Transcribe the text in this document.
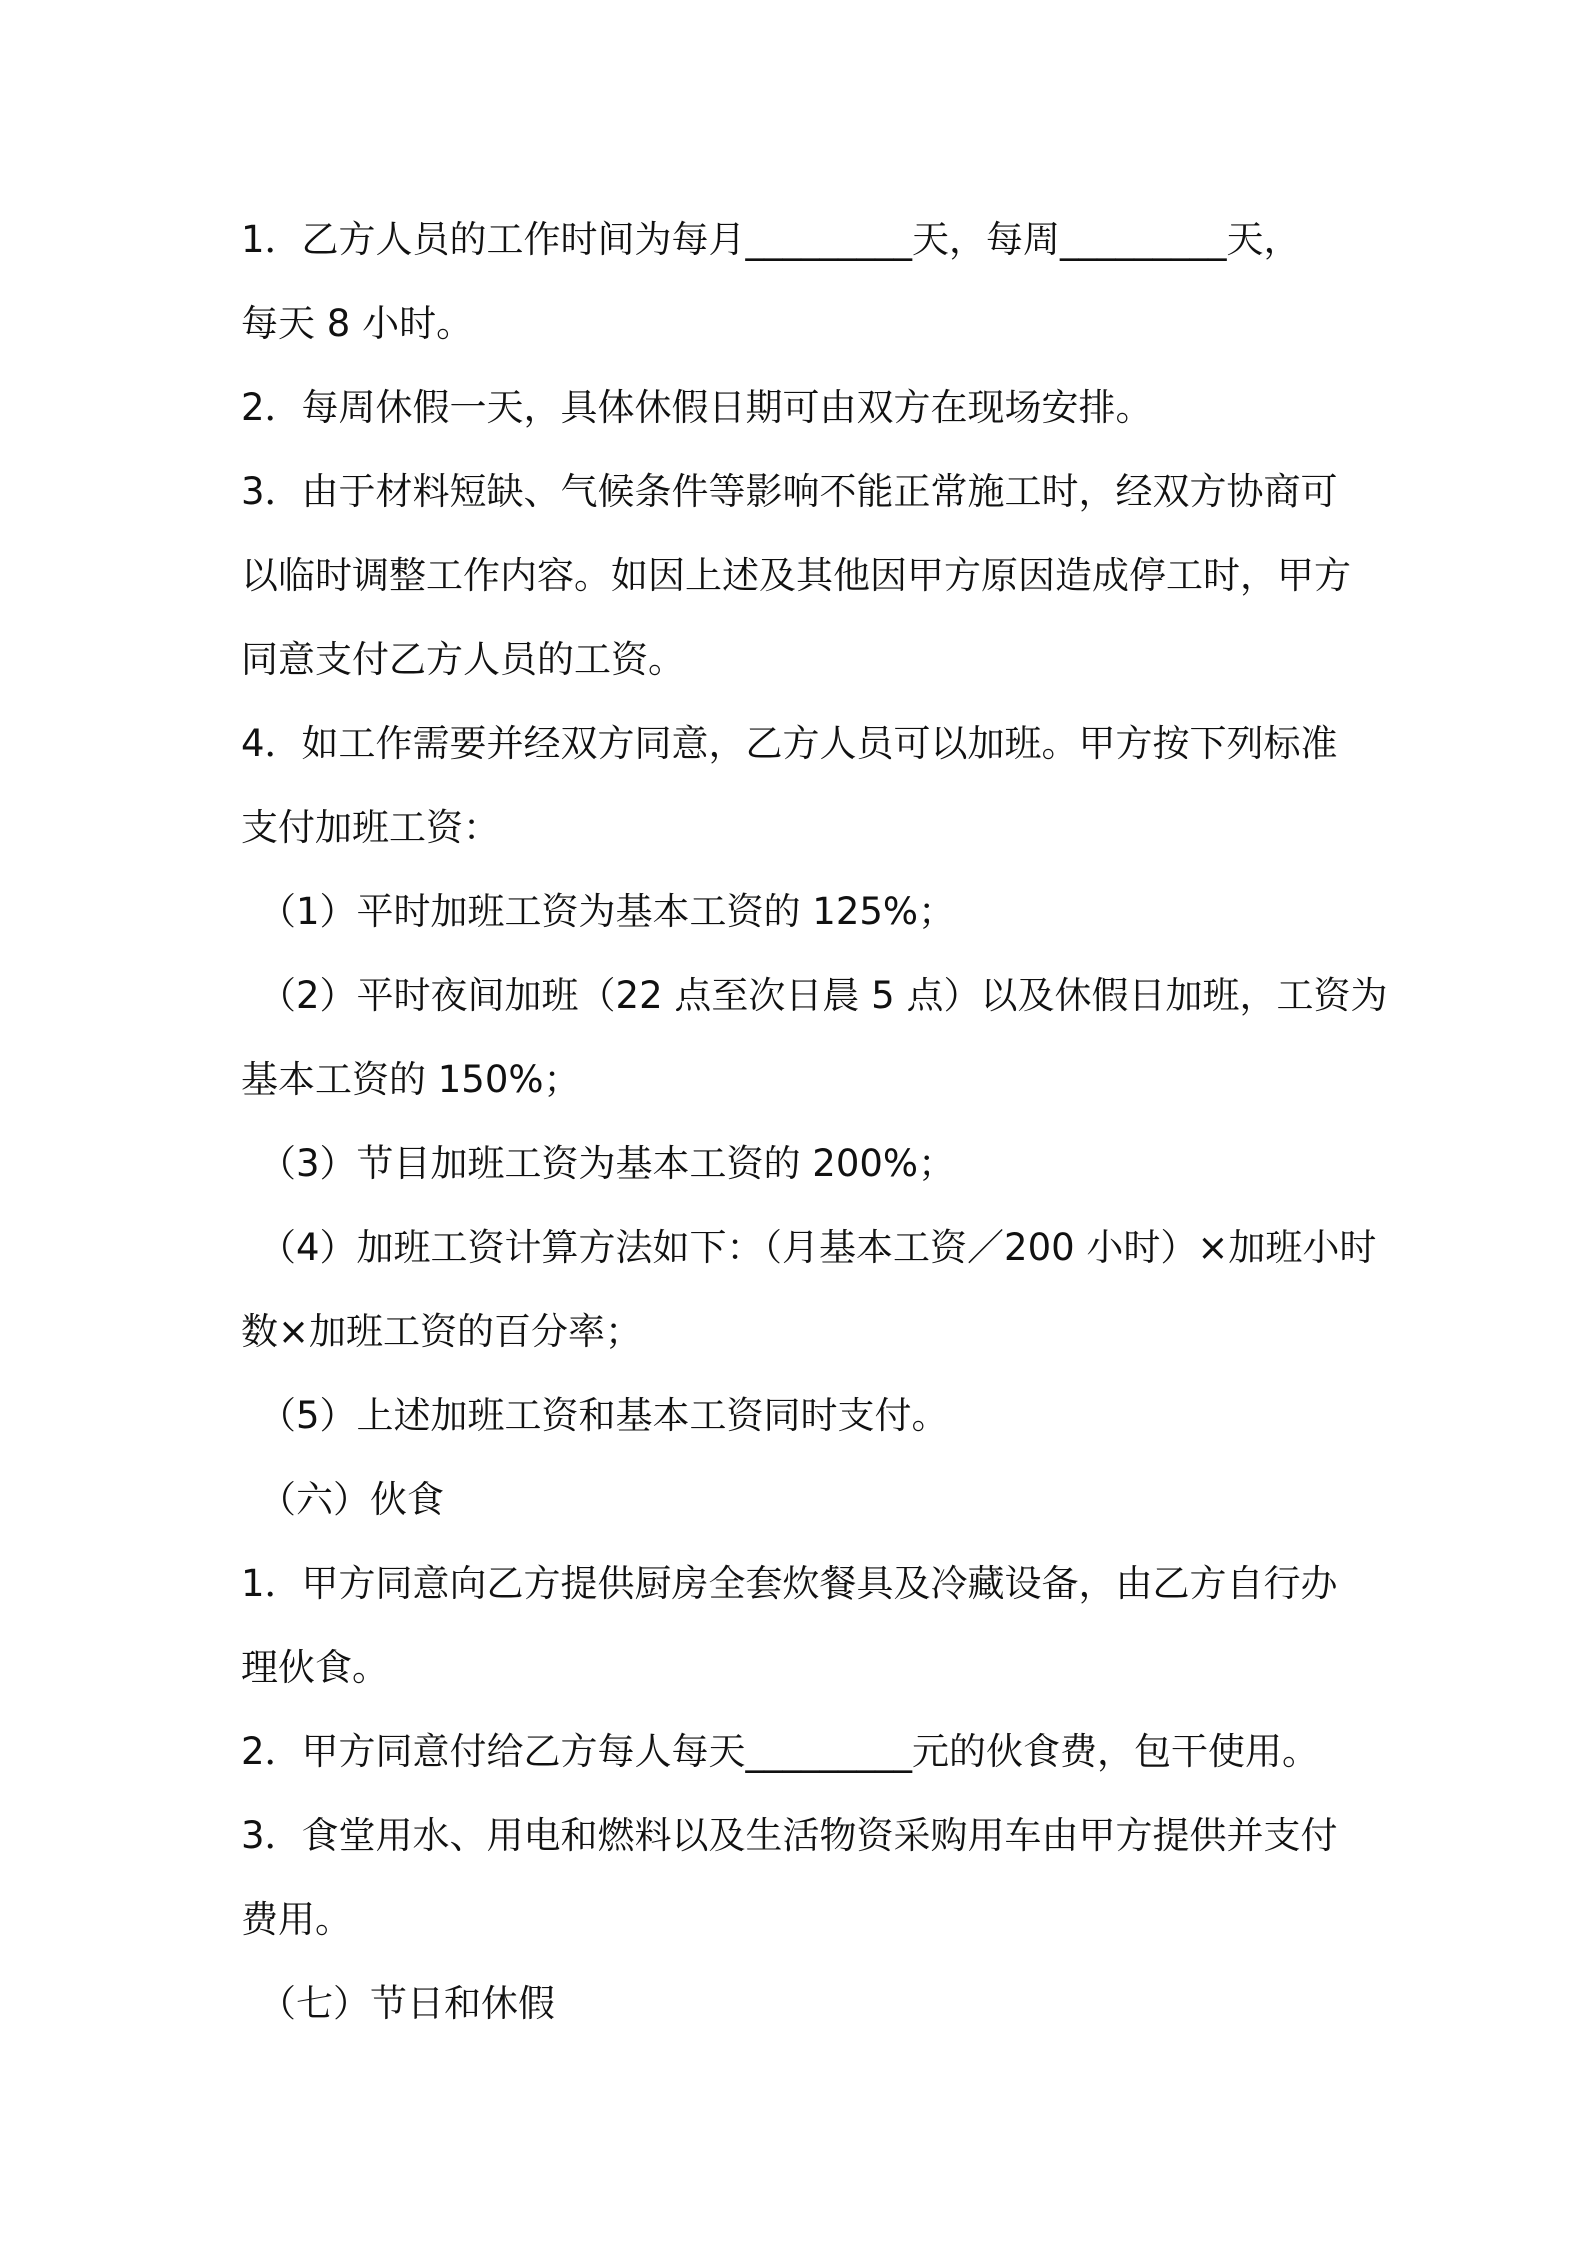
1．乙方人员的工作时间为每月_________天，每周_________天，

每天 8 小时。

2．每周休假一天，具体休假日期可由双方在现场安排。

3．由于材料短缺、气候条件等影响不能正常施工时，经双方协商可

以临时调整工作内容。如因上述及其他因甲方原因造成停工时，甲方

同意支付乙方人员的工资。

4．如工作需要并经双方同意，乙方人员可以加班。甲方按下列标准

支付加班工资：

（1）平时加班工资为基本工资的 125%；

（2）平时夜间加班（22 点至次日晨 5 点）以及休假日加班，工资为

基本工资的 150%；

（3）节目加班工资为基本工资的 200%；

（4）加班工资计算方法如下：（月基本工资／200 小时）×加班小时

数×加班工资的百分率；

（5）上述加班工资和基本工资同时支付。

（六）伙食

1．甲方同意向乙方提供厨房全套炊餐具及冷藏设备，由乙方自行办

理伙食。

2．甲方同意付给乙方每人每天_________元的伙食费，包干使用。

3．食堂用水、用电和燃料以及生活物资采购用车由甲方提供并支付

费用。

（七）节日和休假
